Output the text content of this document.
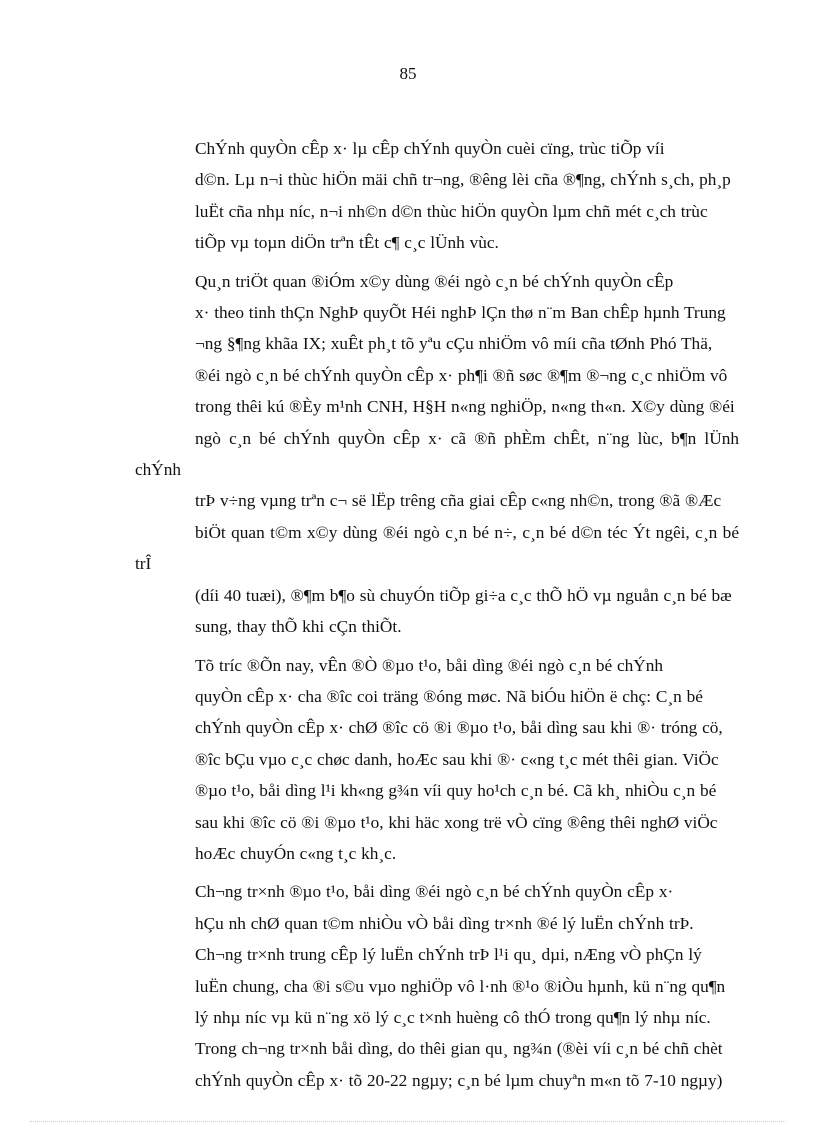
85

ChÝnh quyÒn cÊp x· lµ cÊp chÝnh quyÒn cuèi cïng, trùc tiÕp víi
d©n. Lµ n¬i thùc hiÖn mäi chñ tr¬ng, ®êng lèi cña ®¶ng, chÝnh s¸ch, ph¸p
luËt cña nhµ níc, n¬i nh©n d©n thùc hiÖn quyÒn lµm chñ mét c¸ch trùc
tiÕp vµ toµn diÖn trªn tÊt c¶ c¸c lÜnh vùc.

Qu¸n triÖt quan ®iÓm x©y dùng ®éi ngò c¸n bé chÝnh quyÒn cÊp
x· theo tinh thÇn NghÞ quyÕt Héi nghÞ lÇn thø n¨m Ban chÊp hµnh Trung
¬ng §¶ng khãa IX; xuÊt ph¸t tõ yªu cÇu nhiÖm vô míi cña tØnh Phó Thä,
®éi ngò c¸n bé chÝnh quyÒn cÊp x· ph¶i ®ñ søc ®¶m ®¬ng c¸c nhiÖm vô
trong thêi kú ®Èy m¹nh CNH, H§H n«ng nghiÖp, n«ng th«n. X©y dùng ®éi
ngò c¸n bé chÝnh quyÒn cÊp x· cã ®ñ phÈm chÊt, n¨ng lùc, b¶n lÜnh chÝnh
trÞ v÷ng vµng trªn c¬ së lËp trêng cña giai cÊp c«ng nh©n, trong ®ã ®Æc
biÖt quan t©m x©y dùng ®éi ngò c¸n bé n÷, c¸n bé d©n téc Ýt ngêi, c¸n bé trÎ
(díi 40 tuæi), ®¶m b¶o sù chuyÓn tiÕp gi÷a c¸c thÕ hÖ vµ nguån c¸n bé bæ
sung, thay thÕ khi cÇn thiÕt.

Tõ tríc ®Õn nay, vÊn ®Ò ®µo t¹o, båi dìng ®éi ngò c¸n bé chÝnh
quyÒn cÊp x· cha ®îc coi träng ®óng møc. Nã biÓu hiÖn ë chç: C¸n bé
chÝnh quyÒn cÊp x· chØ ®îc cö ®i ®µo t¹o, båi dìng sau khi ®· tróng cö,
®îc bÇu vµo c¸c chøc danh, hoÆc sau khi ®· c«ng t¸c mét thêi gian. ViÖc
®µo t¹o, båi dìng l¹i kh«ng g¾n víi quy ho¹ch c¸n bé. Cã kh¸ nhiÒu c¸n bé
sau khi ®îc cö ®i ®µo t¹o, khi häc xong trë vÒ cïng ®êng thêi nghØ viÖc
hoÆc chuyÓn c«ng t¸c kh¸c.

Ch¬ng tr×nh ®µo t¹o, båi dìng ®éi ngò c¸n bé chÝnh quyÒn cÊp x·
hÇu nh chØ quan t©m nhiÒu vÒ båi dìng tr×nh ®é lý luËn chÝnh trÞ.
Ch¬ng tr×nh trung cÊp lý luËn chÝnh trÞ l¹i qu¸ dµi, nÆng vÒ phÇn lý
luËn chung, cha ®i s©u vµo nghiÖp vô l·nh ®¹o ®iÒu hµnh, kü n¨ng qu¶n
lý nhµ níc vµ kü n¨ng xö lý c¸c t×nh huèng cô thÓ trong qu¶n lý nhµ níc.
Trong ch¬ng tr×nh båi dìng, do thêi gian qu¸ ng¾n (®èi víi c¸n bé chñ chèt
chÝnh quyÒn cÊp x· tõ 20-22 ngµy; c¸n bé lµm chuyªn m«n tõ 7-10 ngµy)
